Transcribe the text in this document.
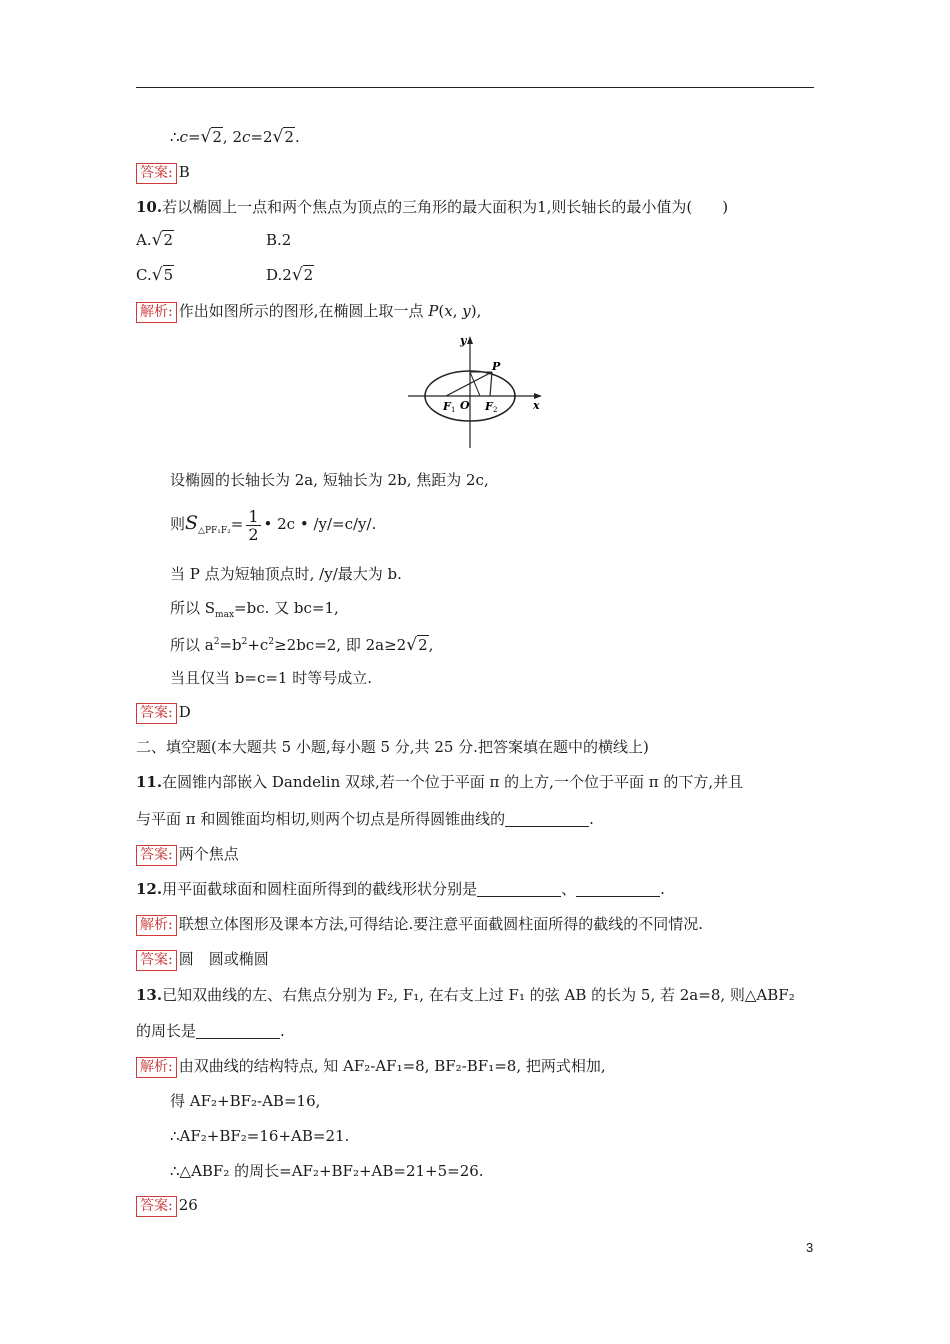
∴c=√2, 2c=2√2.
答案: B
10.若以椭圆上一点和两个焦点为顶点的三角形的最大面积为1,则长轴长的最小值为(　　)
A.√2	B.2
C.√5	D.2√2
解析: 作出如图所示的图形,在椭圆上取一点 P(x, y),
y
x
P
F 1 O F 2
设椭圆的长轴长为 2a, 短轴长为 2b, 焦距为 2c,
则$S_{\triangle PF_1F_2}= \frac{1}{2}$ • 2c • /y/=c/y/.
当 P 点为短轴顶点时, /y/最大为 b.
所以 $S_{max}=bc$. 又 bc=1,
所以 $a^2=b^2+c^2\ge 2bc=2$, 即 2a≥2√2,
当且仅当 b=c=1 时等号成立.
答案: D
二、填空题(本大题共 5 小题,每小题 5 分,共 25 分.把答案填在题中的横线上)
11.在圆锥内部嵌入 Dandelin 双球,若一个位于平面 π 的上方,一个位于平面 π 的下方,并且
与平面 π 和圆锥面均相切,则两个切点是所得圆锥曲线的	.
答案: 两个焦点
12.用平面截球面和圆柱面所得到的截线形状分别是	、	.
解析: 联想立体图形及课本方法,可得结论.要注意平面截圆柱面所得的截线的不同情况.
答案: 圆　圆或椭圆
13.已知双曲线的左、右焦点分别为 F₂, F₁, 在右支上过 F₁ 的弦 AB 的长为 5, 若 2a=8, 则△ABF₂
的周长是	.
解析: 由双曲线的结构特点, 知 AF₂-AF₁=8, BF₂-BF₁=8, 把两式相加,
得 AF₂+BF₂-AB=16,
∴AF₂+BF₂=16+AB=21.
∴△ABF₂ 的周长=AF₂+BF₂+AB=21+5=26.
答案: 26
3
